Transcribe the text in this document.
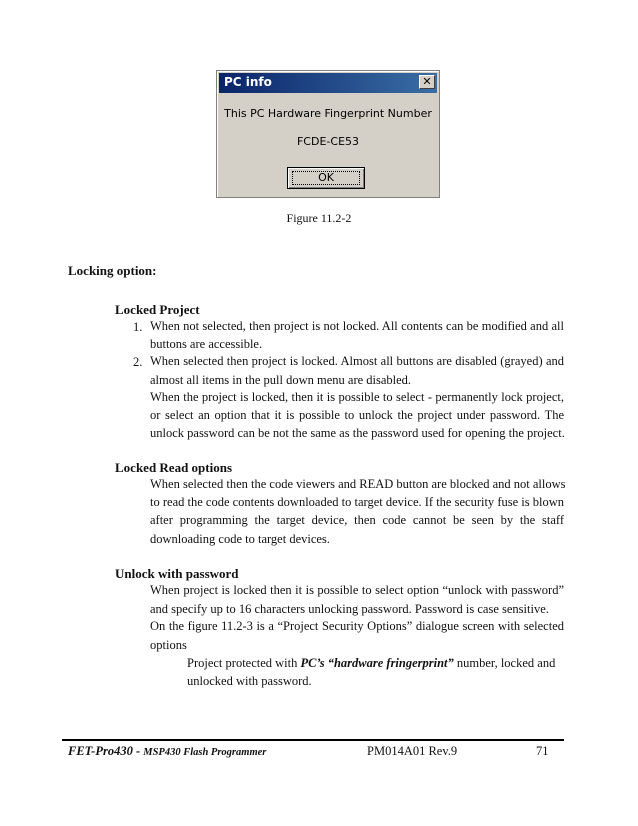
PC info	✕
This PC Hardware Fingerprint Number
FCDE-CE53
OK
Figure 11.2-2
Locking option:
Locked Project
1. When not selected, then project is not locked. All contents can be modified and all
buttons are accessible.
2. When selected then project is locked. Almost all buttons are disabled (grayed) and
almost all items in the pull down menu are disabled.
When the project is locked, then it is possible to select - permanently lock project,
or select an option that it is possible to unlock the project under password. The
unlock password can be not the same as the password used for opening the project.
Locked Read options
When selected then the code viewers and READ button are blocked and not allows
to read the code contents downloaded to target device. If the security fuse is blown
after programming the target device, then code cannot be seen by the staff
downloading code to target devices.
Unlock with password
When project is locked then it is possible to select option “unlock with password”
and specify up to 16 characters unlocking password. Password is case sensitive.
On the figure 11.2-3 is a “Project Security Options” dialogue screen with selected
options
Project protected with PC’s “hardware fringerprint” number, locked and
unlocked with password.
FET-Pro430 - MSP430 Flash Programmer	PM014A01 Rev.9	71
